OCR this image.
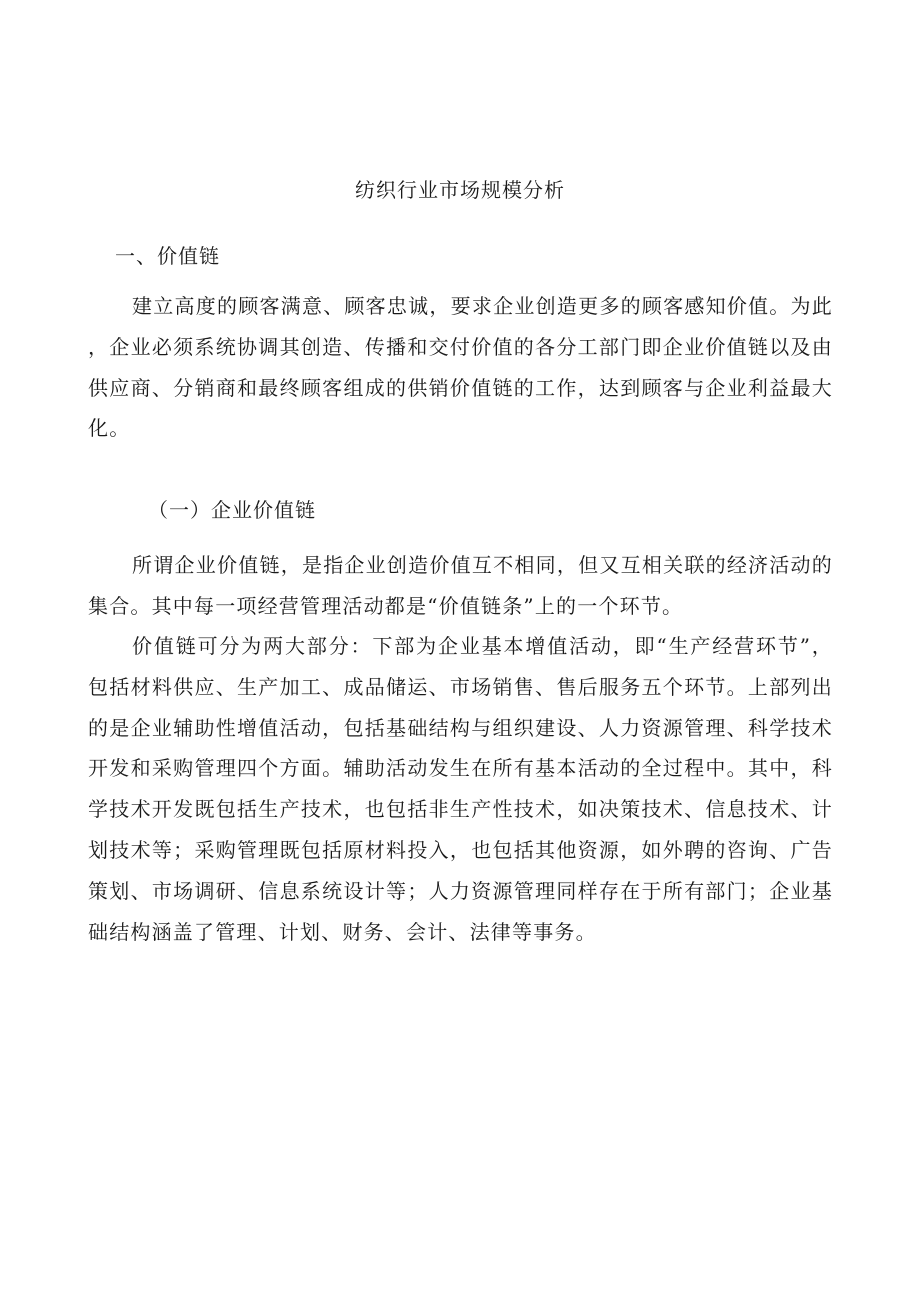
纺织行业市场规模分析
一、价值链

建立高度的顾客满意、顾客忠诚，要求企业创造更多的顾客感知价值。为此，企业必须系统协调其创造、传播和交付价值的各分工部门即企业价值链以及由供应商、分销商和最终顾客组成的供销价值链的工作，达到顾客与企业利益最大化。

（一）企业价值链

所谓企业价值链，是指企业创造价值互不相同，但又互相关联的经济活动的集合。其中每一项经营管理活动都是“价值链条”上的一个环节。

价值链可分为两大部分：下部为企业基本增值活动，即“生产经营环节”，包括材料供应、生产加工、成品储运、市场销售、售后服务五个环节。上部列出的是企业辅助性增值活动，包括基础结构与组织建设、人力资源管理、科学技术开发和采购管理四个方面。辅助活动发生在所有基本活动的全过程中。其中，科学技术开发既包括生产技术，也包括非生产性技术，如决策技术、信息技术、计划技术等；采购管理既包括原材料投入，也包括其他资源，如外聘的咨询、广告策划、市场调研、信息系统设计等；人力资源管理同样存在于所有部门；企业基础结构涵盖了管理、计划、财务、会计、法律等事务。
